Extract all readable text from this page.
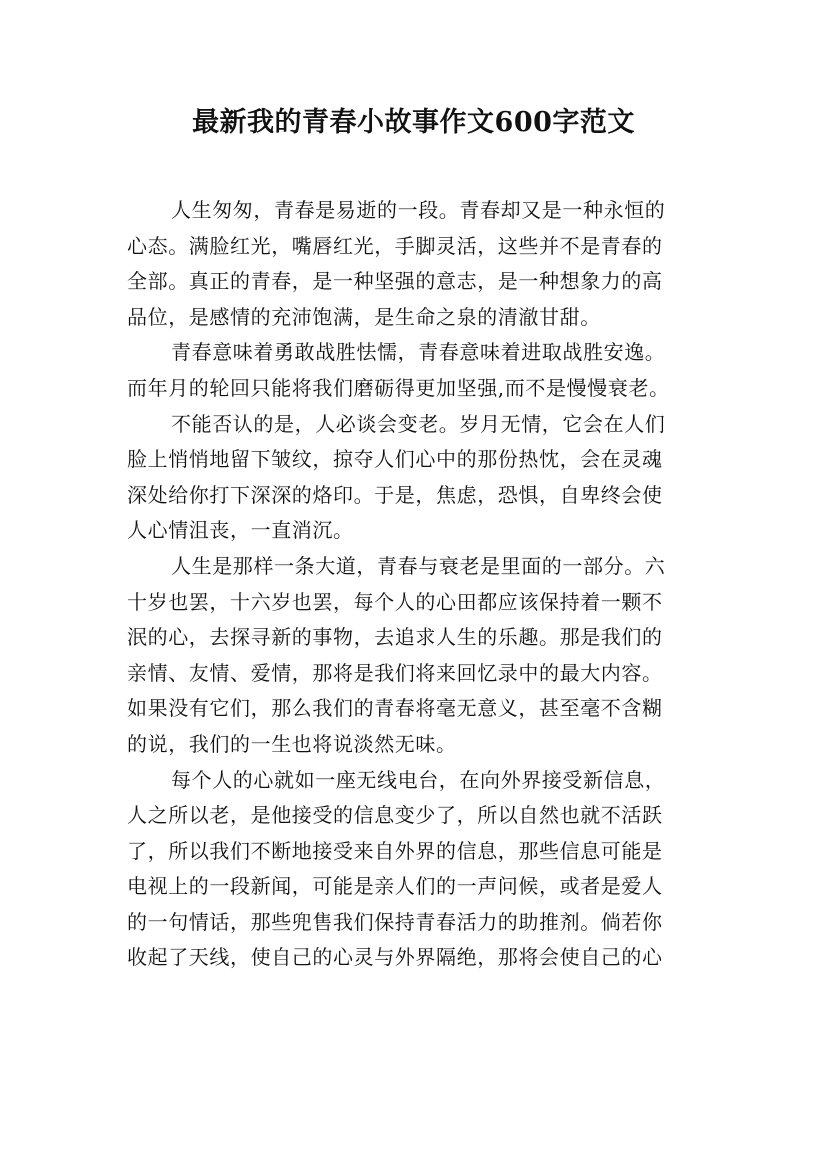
最新我的青春小故事作文600字范文
人生匆匆，青春是易逝的一段。青春却又是一种永恒的
心态。满脸红光，嘴唇红光，手脚灵活，这些并不是青春的
全部。真正的青春，是一种坚强的意志，是一种想象力的高
品位，是感情的充沛饱满，是生命之泉的清澈甘甜。
青春意味着勇敢战胜怯懦，青春意味着进取战胜安逸。
而年月的轮回只能将我们磨砺得更加坚强,而不是慢慢衰老。
不能否认的是，人必谈会变老。岁月无情，它会在人们
脸上悄悄地留下皱纹，掠夺人们心中的那份热忱，会在灵魂
深处给你打下深深的烙印。于是，焦虑，恐惧，自卑终会使
人心情沮丧，一直消沉。
人生是那样一条大道，青春与衰老是里面的一部分。六
十岁也罢，十六岁也罢，每个人的心田都应该保持着一颗不
泯的心，去探寻新的事物，去追求人生的乐趣。那是我们的
亲情、友情、爱情，那将是我们将来回忆录中的最大内容。
如果没有它们，那么我们的青春将毫无意义，甚至毫不含糊
的说，我们的一生也将说淡然无味。
每个人的心就如一座无线电台，在向外界接受新信息，
人之所以老，是他接受的信息变少了，所以自然也就不活跃
了，所以我们不断地接受来自外界的信息，那些信息可能是
电视上的一段新闻，可能是亲人们的一声问候，或者是爱人
的一句情话，那些兜售我们保持青春活力的助推剂。倘若你
收起了天线，使自己的心灵与外界隔绝，那将会使自己的心
